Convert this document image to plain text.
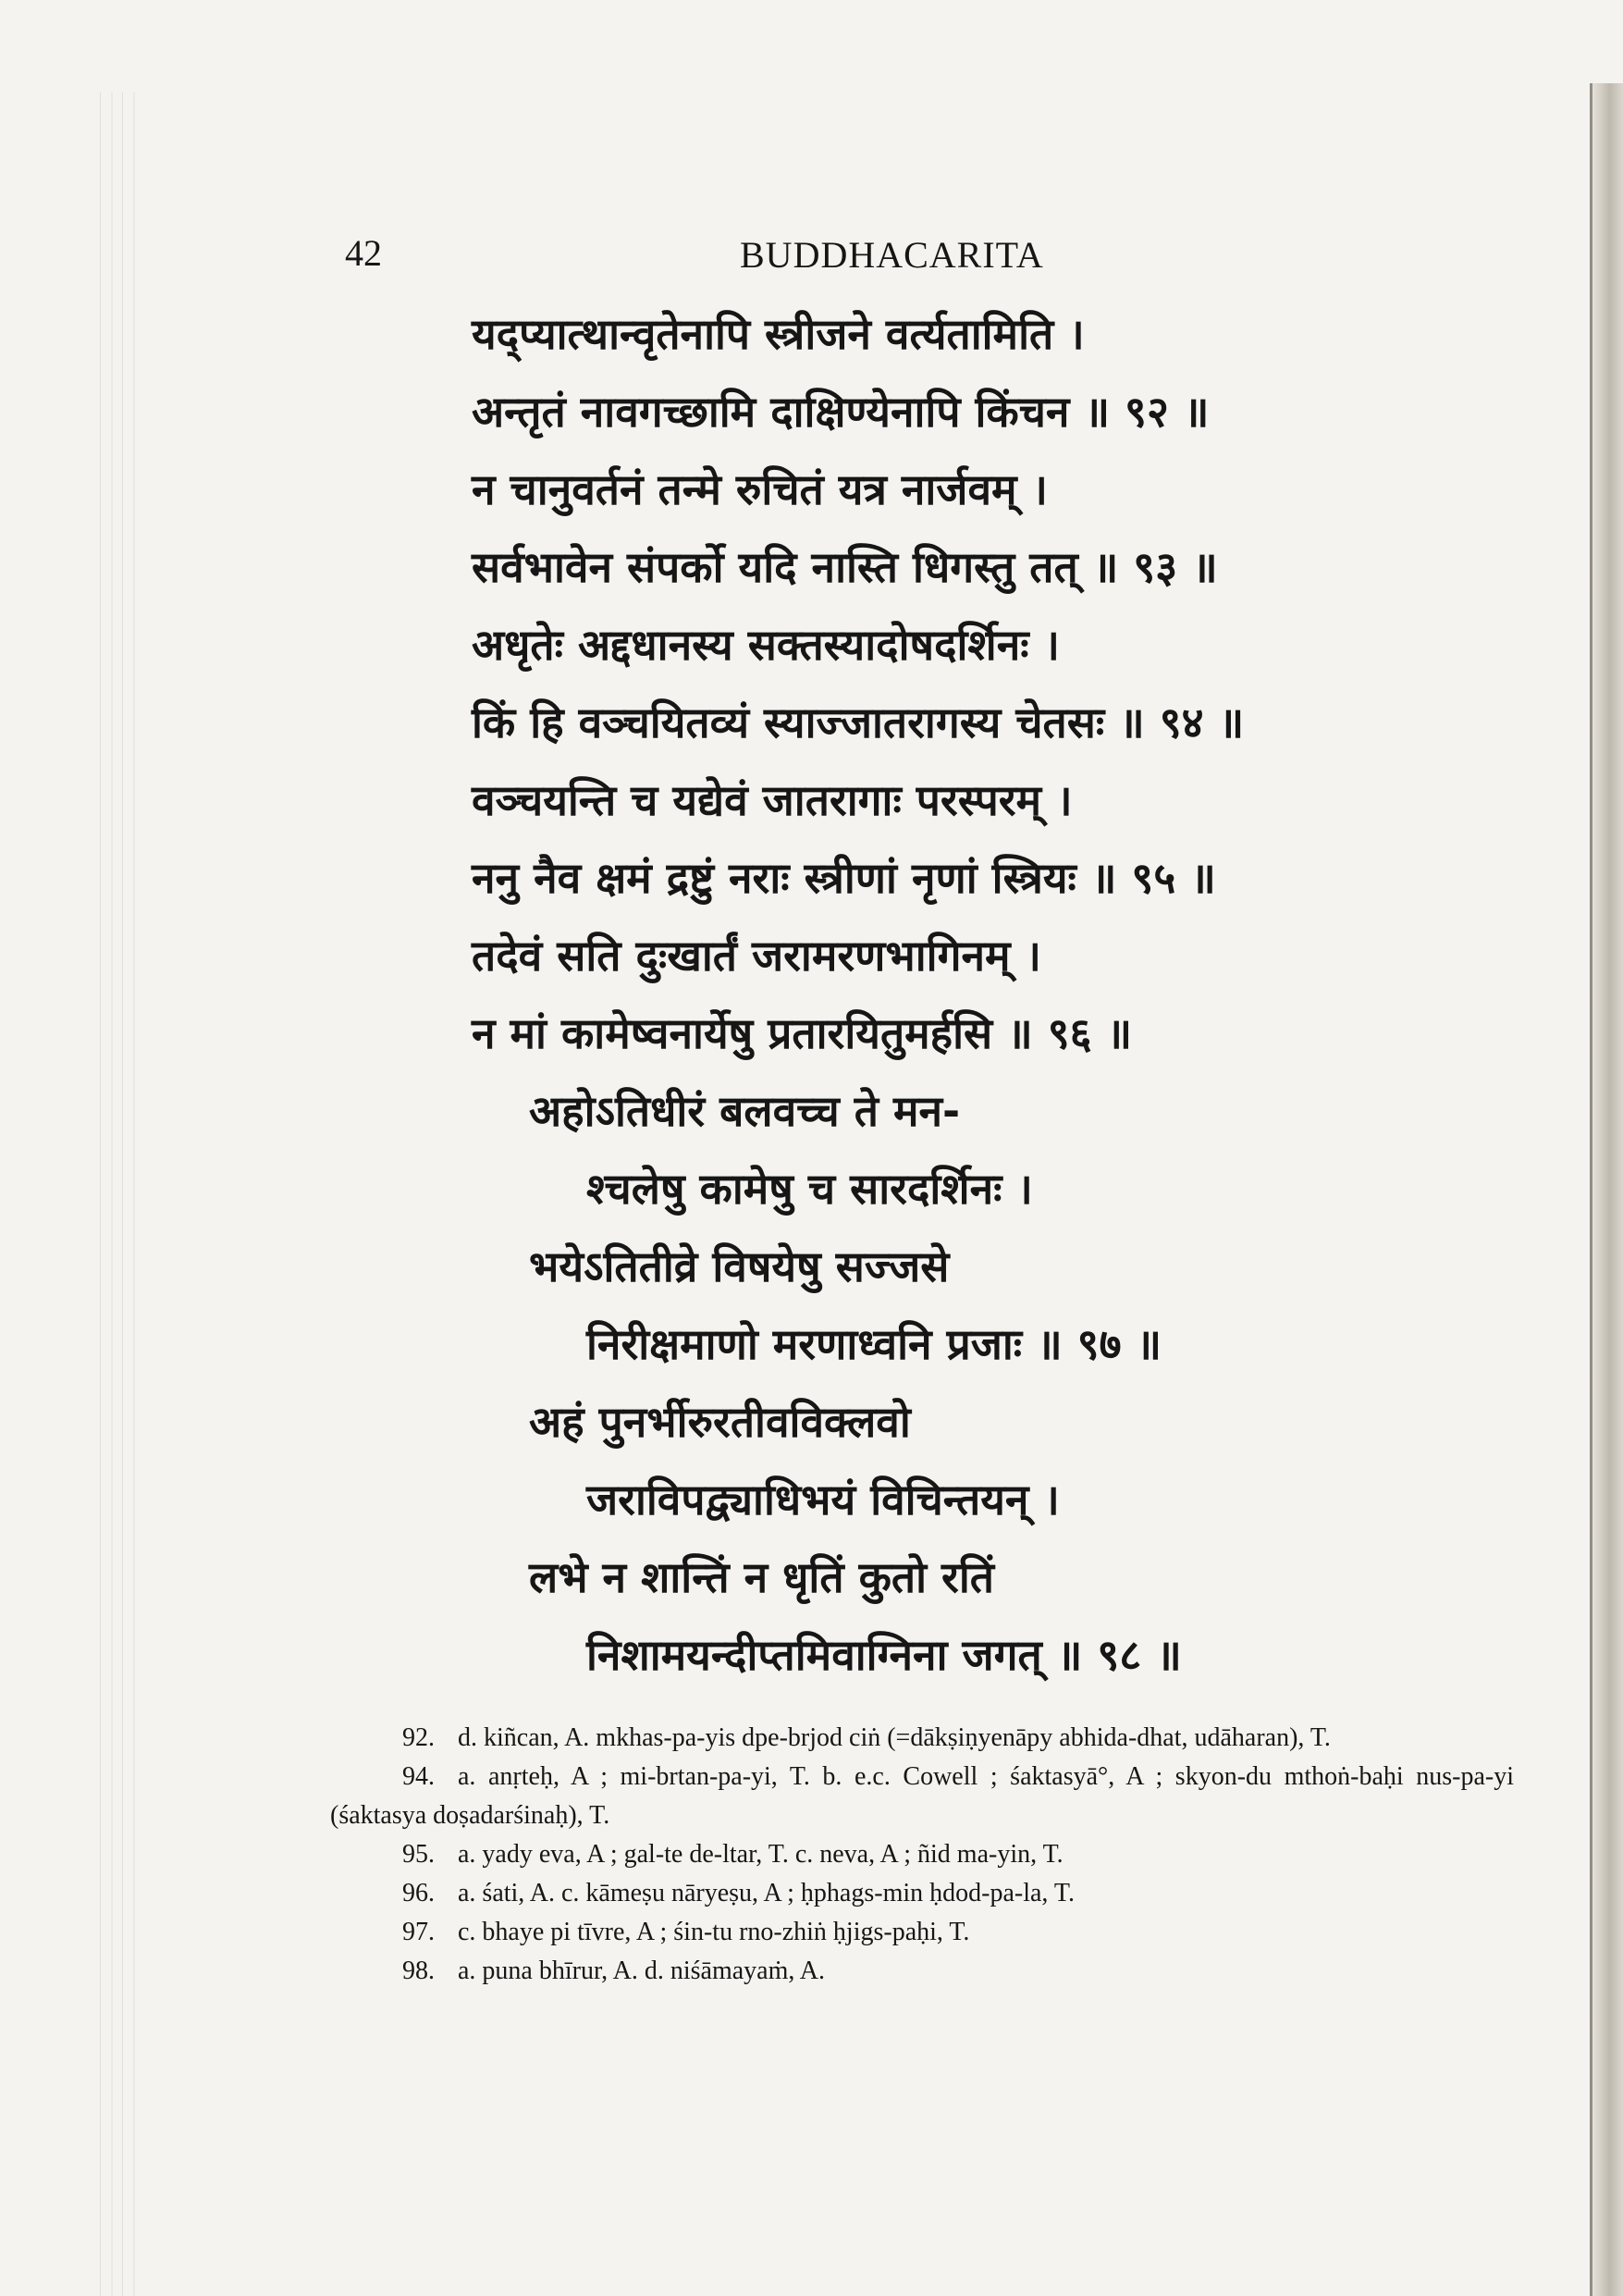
42	BUDDHACARITA
यद्प्यात्थान्वृतेनापि स्त्रीजने वर्त्यतामिति ।
अन्तृतं नावगच्छामि दाक्षिण्येनापि किंचन ॥ ९२ ॥
न चानुवर्तनं तन्मे रुचितं यत्र नार्जवम् ।
सर्वभावेन संपर्को यदि नास्ति धिगस्तु तत् ॥ ९३ ॥
अधृतेः अद्दधानस्य सक्तस्यादोषदर्शिनः ।
किं हि वञ्चयितव्यं स्याज्जातरागस्य चेतसः ॥ ९४ ॥
वञ्चयन्ति च यद्येवं जातरागाः परस्परम् ।
ननु नैव क्षमं द्रष्टुं नराः स्त्रीणां नृणां स्त्रियः ॥ ९५ ॥
तदेवं सति दुःखार्तं जरामरणभागिनम् ।
न मां कामेष्वनार्येषु प्रतारयितुमर्हसि ॥ ९६ ॥
अहोऽतिधीरं बलवच्च ते मन-
श्चलेषु कामेषु च सारदर्शिनः ।
भयेऽतितीव्रे विषयेषु सज्जसे
निरीक्षमाणो मरणाध्वनि प्रजाः ॥ ९७ ॥
अहं पुनर्भीरुरतीवविक्लवो
जराविपद्व्याधिभयं विचिन्तयन् ।
लभे न शान्तिं न धृतिं कुतो रतिं
निशामयन्दीप्तमिवाग्निना जगत् ॥ ९८ ॥

92. d. kiñcan, A. mkhas-pa-yis dpe-brjod ciṅ (=dākṣiṇyenāpy abhida-dhat, udāharan), T.

94. a. anṛteḥ, A ; mi-brtan-pa-yi, T. b. e.c. Cowell ; śaktasyā°, A ; skyon-du mthoṅ-baḥi nus-pa-yi (śaktasya doṣadarśinaḥ), T.

95. a. yady eva, A ; gal-te de-ltar, T. c. neva, A ; ñid ma-yin, T.

96. a. śati, A. c. kāmeṣu nāryeṣu, A ; ḥphags-min ḥdod-pa-la, T.

97. c. bhaye pi tīvre, A ; śin-tu rno-zhiṅ ḥjigs-paḥi, T.

98. a. puna bhīrur, A. d. niśāmayaṁ, A.
